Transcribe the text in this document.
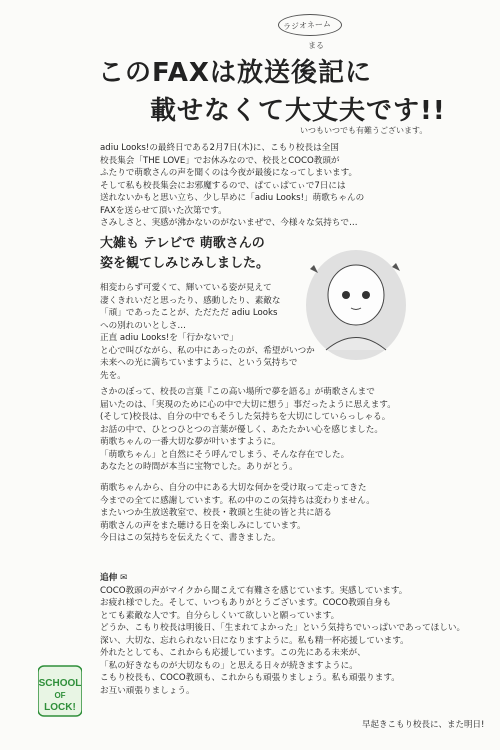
ラジオネーム
まる
このFAXは放送後記に
載せなくて大丈夫です!!
いつもいつでも有難うございます。
adiu Looks!の最終日である2月7日(木)に、こもり校長は全国
校長集会「THE LOVE」でお休みなので、校長とCOCO教頭が
ふたりで萌歌さんの声を聞くのは今夜が最後になってしまいます。
そして私も校長集会にお邪魔するので、ぱてぃぱてぃで7日には
送れないかもと思い立ち、少し早めに「adiu Looks!」萌歌ちゃんの
FAXを送らせて頂いた次第です。
さみしさと、実感が沸かないのがないまぜで、今様々な気持ちで…
大雑も テレビで 萌歌さんの
姿を観てしみじみしました。
相変わらず可愛くて、輝いている姿が見えて
凄くきれいだと思ったり、感動したり、素敵な
「頑」であったことが、ただただ adiu Looks
への別れのいとしさ…
正直 adiu Looks!を「行かないで」
と心で叫びながら、私の中にあったのが、希望がいつか
未来への光に満ちていますように、という気持ちで
先を。
さかのぼって、校長の言葉『この高い場所で夢を語る』が萌歌さんまで
届いたのは、「実現のために心の中で大切に想う」事だったように思えます。
(そして)校長は、自分の中でもそうした気持ちを大切にしていらっしゃる。
お話の中で、ひとつひとつの言葉が優しく、あたたかい心を感じました。
萌歌ちゃんの一番大切な夢が叶いますように。
「萌歌ちゃん」と自然にそう呼んでしまう、そんな存在でした。
あなたとの時間が本当に宝物でした。ありがとう。
萌歌ちゃんから、自分の中にある大切な何かを受け取って走ってきた
今までの全てに感謝しています。私の中のこの気持ちは変わりません。
またいつか生放送教室で、校長・教頭と生徒の皆と共に語る
萌歌さんの声をまた聴ける日を楽しみにしています。
今日はこの気持ちを伝えたくて、書きました。
追伸 ✉
COCO教頭の声がマイクから聞こえて有難さを感じています。実感しています。
お疲れ様でした。そして、いつもありがとうございます。COCO教頭自身も
とても素敵な人です。自分らしくいて欲しいと願っています。
どうか、こもり校長は明後日、「生まれてよかった」という気持ちでいっぱいであってほしい。
深い、大切な、忘れられない日になりますように。私も精一杯応援しています。
外れたとしても、これからも応援しています。この先にある未来が、
「私の好きなものが大切なもの」と思える日々が続きますように。
こもり校長も、COCO教頭も、これからも頑張りましょう。私も頑張ります。
お互い頑張りましょう。
早起きこもり校長に、また明日!
SCHOOL
OF
LOCK!
